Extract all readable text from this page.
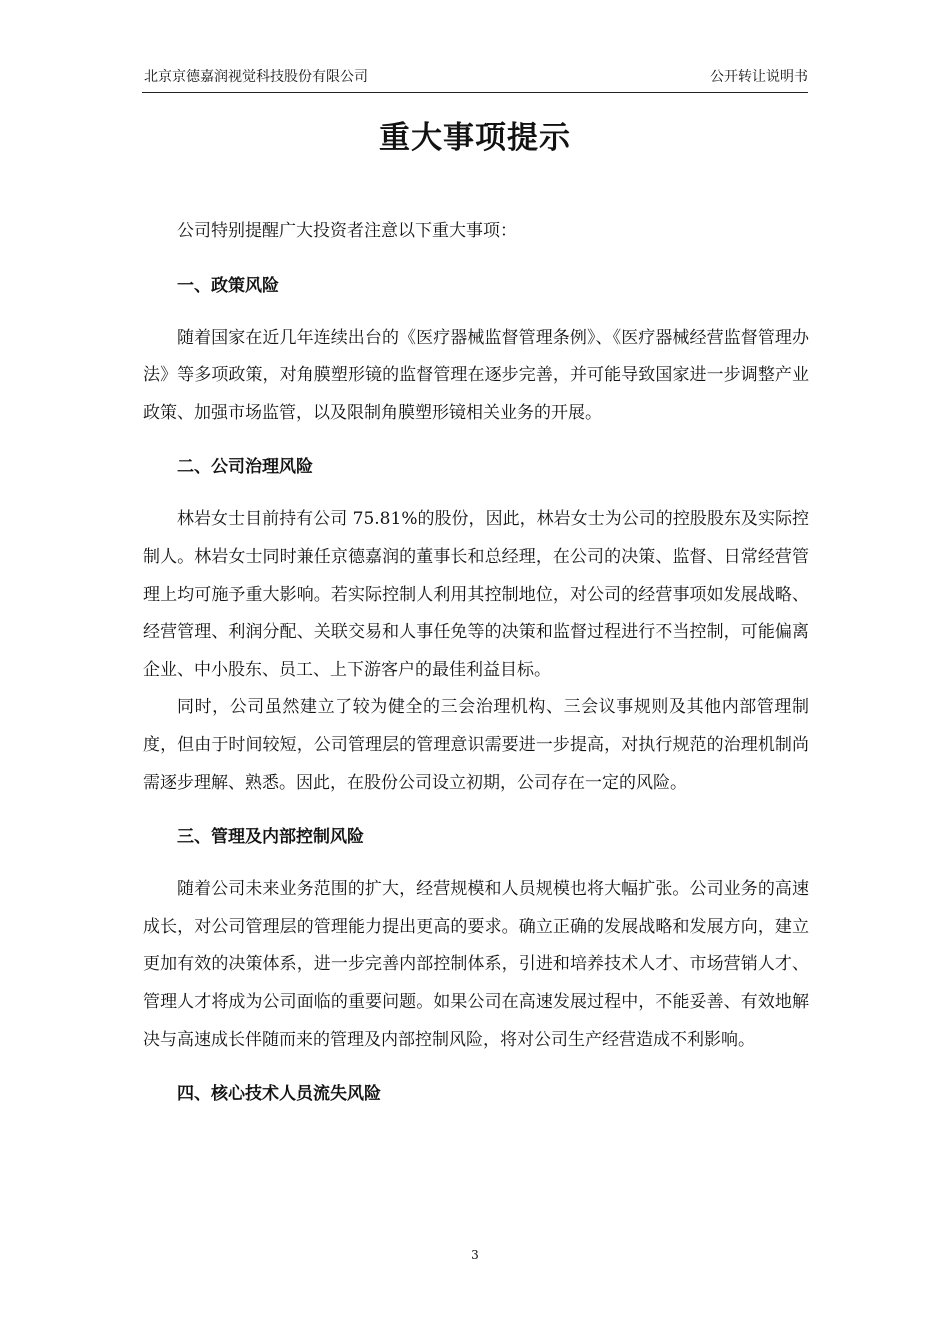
北京京德嘉润视觉科技股份有限公司	公开转让说明书
重大事项提示

公司特别提醒广大投资者注意以下重大事项：

一、政策风险

随着国家在近几年连续出台的《医疗器械监督管理条例》、《医疗器械经营监督管理办法》等多项政策，对角膜塑形镜的监督管理在逐步完善，并可能导致国家进一步调整产业政策、加强市场监管，以及限制角膜塑形镜相关业务的开展。

二、公司治理风险

林岩女士目前持有公司 75.81%的股份，因此，林岩女士为公司的控股股东及实际控制人。林岩女士同时兼任京德嘉润的董事长和总经理，在公司的决策、监督、日常经营管理上均可施予重大影响。若实际控制人利用其控制地位，对公司的经营事项如发展战略、经营管理、利润分配、关联交易和人事任免等的决策和监督过程进行不当控制，可能偏离企业、中小股东、员工、上下游客户的最佳利益目标。

同时，公司虽然建立了较为健全的三会治理机构、三会议事规则及其他内部管理制度，但由于时间较短，公司管理层的管理意识需要进一步提高，对执行规范的治理机制尚需逐步理解、熟悉。因此，在股份公司设立初期，公司存在一定的风险。

三、管理及内部控制风险

随着公司未来业务范围的扩大，经营规模和人员规模也将大幅扩张。公司业务的高速成长，对公司管理层的管理能力提出更高的要求。确立正确的发展战略和发展方向，建立更加有效的决策体系，进一步完善内部控制体系，引进和培养技术人才、市场营销人才、管理人才将成为公司面临的重要问题。如果公司在高速发展过程中，不能妥善、有效地解决与高速成长伴随而来的管理及内部控制风险，将对公司生产经营造成不利影响。

四、核心技术人员流失风险

3
